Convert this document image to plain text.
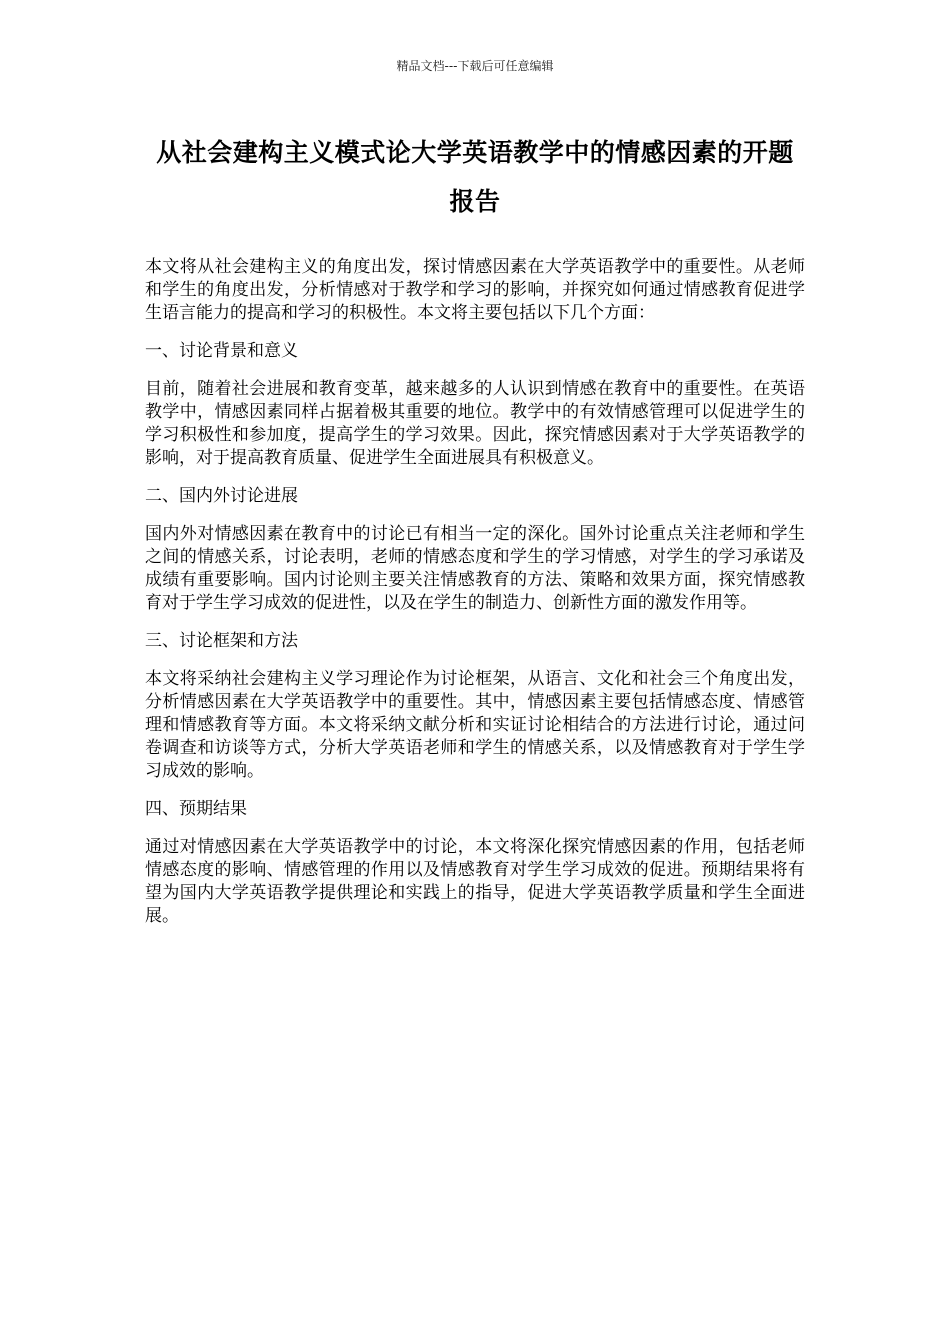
精品文档---下载后可任意编辑
从社会建构主义模式论大学英语教学中的情感因素的开题报告

本文将从社会建构主义的角度出发，探讨情感因素在大学英语教学中的重要性。从老师和学生的角度出发，分析情感对于教学和学习的影响，并探究如何通过情感教育促进学生语言能力的提高和学习的积极性。本文将主要包括以下几个方面：

一、讨论背景和意义

目前，随着社会进展和教育变革，越来越多的人认识到情感在教育中的重要性。在英语教学中，情感因素同样占据着极其重要的地位。教学中的有效情感管理可以促进学生的学习积极性和参加度，提高学生的学习效果。因此，探究情感因素对于大学英语教学的影响，对于提高教育质量、促进学生全面进展具有积极意义。

二、国内外讨论进展

国内外对情感因素在教育中的讨论已有相当一定的深化。国外讨论重点关注老师和学生之间的情感关系，讨论表明，老师的情感态度和学生的学习情感，对学生的学习承诺及成绩有重要影响。国内讨论则主要关注情感教育的方法、策略和效果方面，探究情感教育对于学生学习成效的促进性，以及在学生的制造力、创新性方面的激发作用等。

三、讨论框架和方法

本文将采纳社会建构主义学习理论作为讨论框架，从语言、文化和社会三个角度出发，分析情感因素在大学英语教学中的重要性。其中，情感因素主要包括情感态度、情感管理和情感教育等方面。本文将采纳文献分析和实证讨论相结合的方法进行讨论，通过问卷调查和访谈等方式，分析大学英语老师和学生的情感关系，以及情感教育对于学生学习成效的影响。

四、预期结果

通过对情感因素在大学英语教学中的讨论，本文将深化探究情感因素的作用，包括老师情感态度的影响、情感管理的作用以及情感教育对学生学习成效的促进。预期结果将有望为国内大学英语教学提供理论和实践上的指导，促进大学英语教学质量和学生全面进展。
